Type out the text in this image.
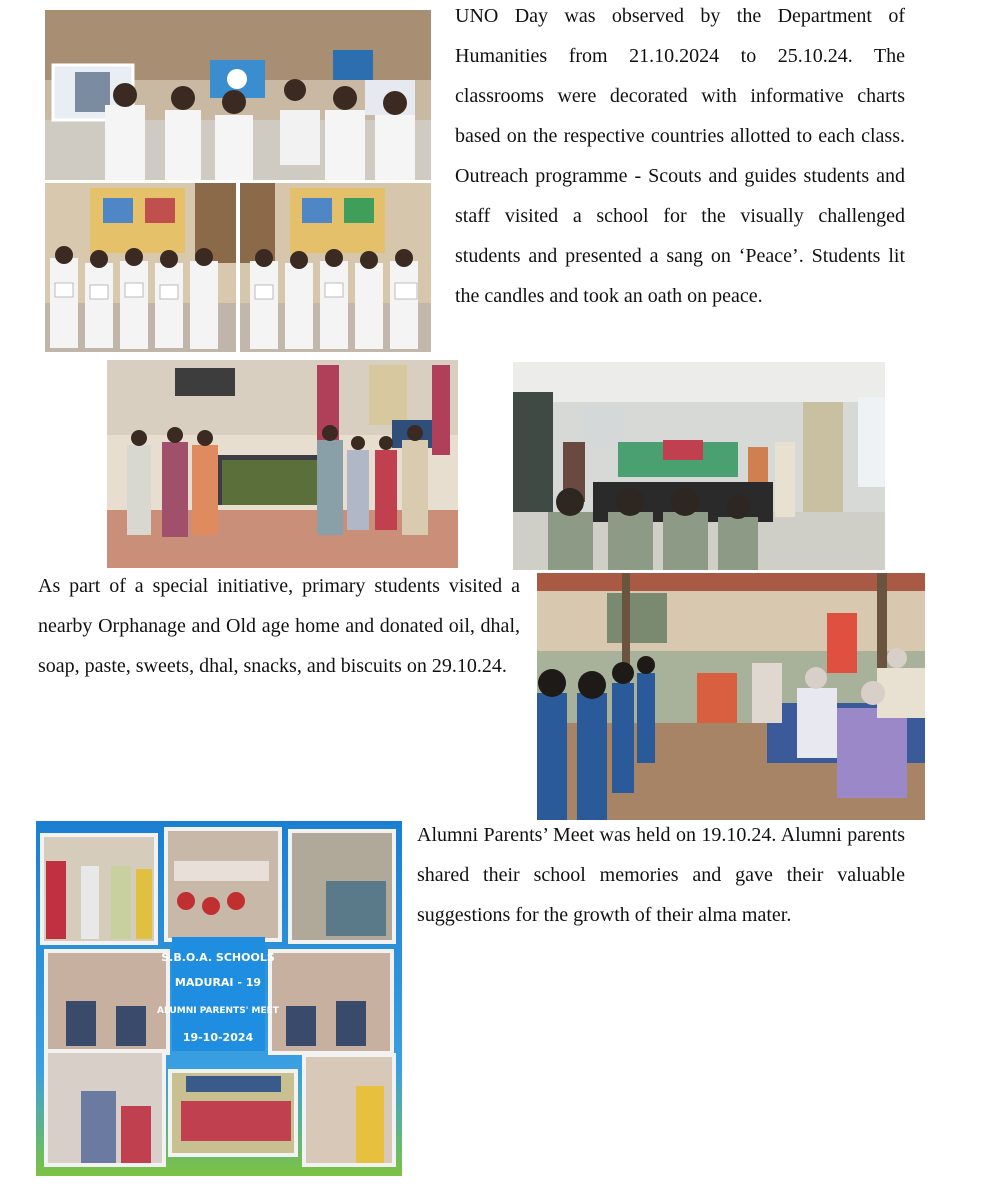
UNO Day was observed by the Department of Humanities from 21.10.2024 to 25.10.24. The classrooms were decorated with informative charts based on the respective countries allotted to each class. Outreach programme - Scouts and guides students and staff visited a school for the visually challenged students and presented a sang on ‘Peace’. Students lit the candles and took an oath on peace.

As part of a special initiative, primary students visited a nearby Orphanage and Old age home and donated oil, dhal, soap, paste, sweets, dhal, snacks, and biscuits on 29.10.24.

S.B.O.A. SCHOOLS
MADURAI - 19
ALUMNI PARENTS' MEET
19-10-2024

Alumni Parents’ Meet was held on 19.10.24. Alumni parents shared their school memories and gave their valuable suggestions for the growth of their alma mater.
